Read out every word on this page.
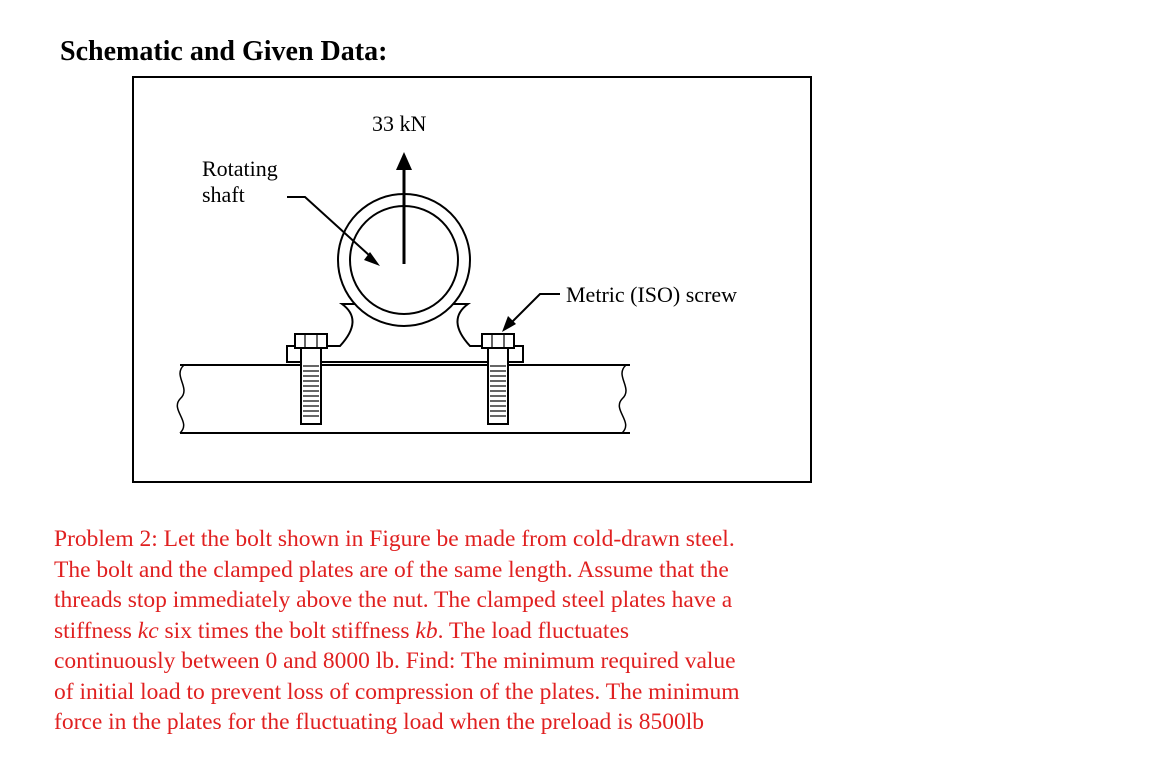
Schematic and Given Data:
33 kN
Rotating
shaft
Metric (ISO) screw
Problem 2: Let the bolt shown in Figure be made from cold-drawn steel.
The bolt and the clamped plates are of the same length. Assume that the
threads stop immediately above the nut. The clamped steel plates have a
stiffness kc six times the bolt stiffness kb. The load fluctuates
continuously between 0 and 8000 lb. Find: The minimum required value
of initial load to prevent loss of compression of the plates. The minimum
force in the plates for the fluctuating load when the preload is 8500lb
